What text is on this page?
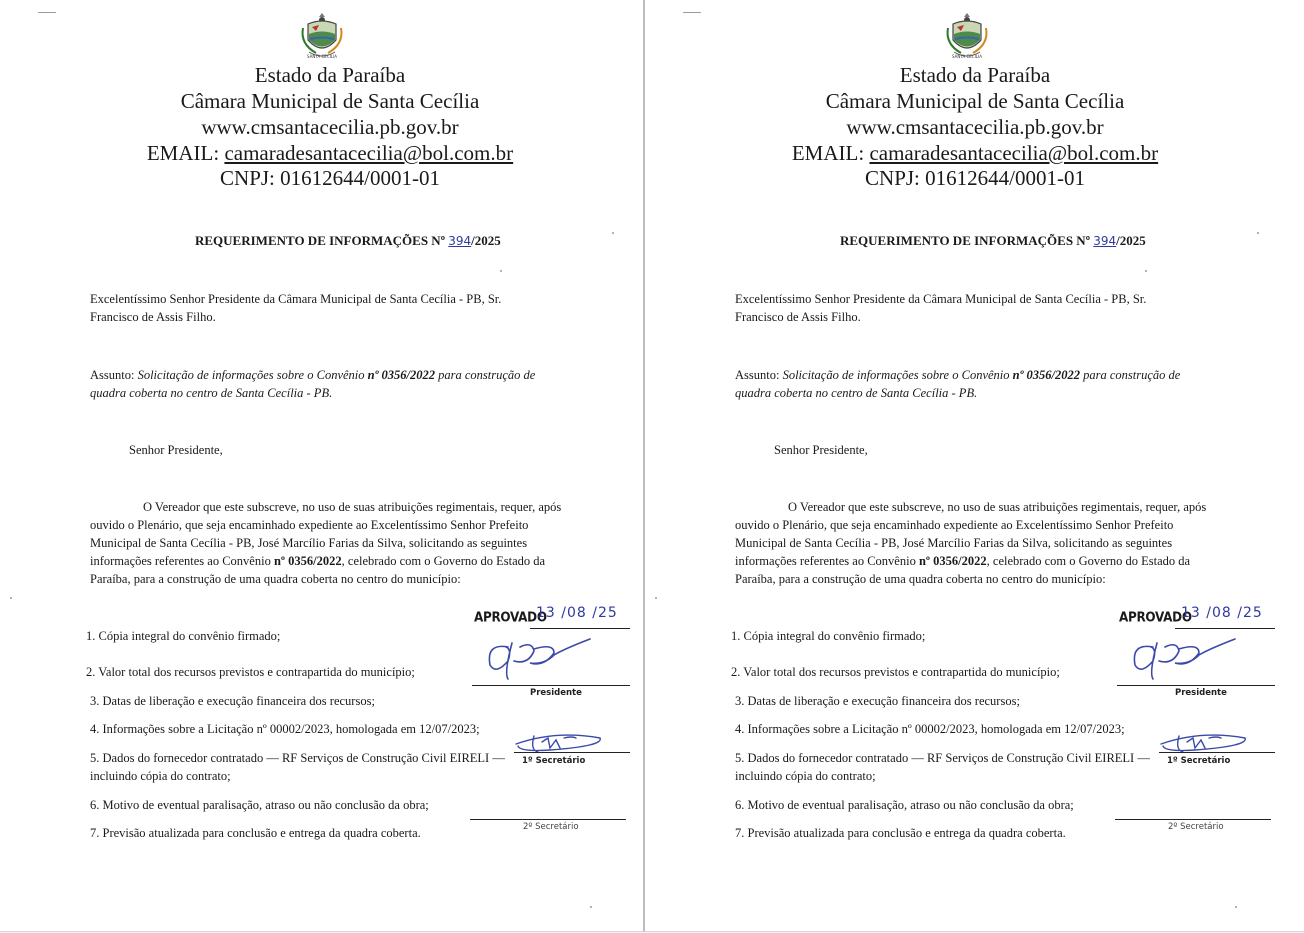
SANTA CECÍLIA
Estado da Paraíba
Câmara Municipal de Santa Cecília
www.cmsantacecilia.pb.gov.br
EMAIL: camaradesantacecilia@bol.com.br
CNPJ: 01612644/0001-01
REQUERIMENTO DE INFORMAÇÕES Nº 394/2025
Excelentíssimo Senhor Presidente da Câmara Municipal de Santa Cecília - PB, Sr.
Francisco de Assis Filho.
Assunto: Solicitação de informações sobre o Convênio nº 0356/2022 para construção de
quadra coberta no centro de Santa Cecília - PB.
Senhor Presidente,
O Vereador que este subscreve, no uso de suas atribuições regimentais, requer, após
ouvido o Plenário, que seja encaminhado expediente ao Excelentíssimo Senhor Prefeito
Municipal de Santa Cecília - PB, José Marcílio Farias da Silva, solicitando as seguintes
informações referentes ao Convênio nº 0356/2022, celebrado com o Governo do Estado da
Paraíba, para a construção de uma quadra coberta no centro do município:
1. Cópia integral do convênio firmado;
2. Valor total dos recursos previstos e contrapartida do município;
3. Datas de liberação e execução financeira dos recursos;
4. Informações sobre a Licitação nº 00002/2023, homologada em 12/07/2023;
5. Dados do fornecedor contratado — RF Serviços de Construção Civil EIRELI —
incluindo cópia do contrato;
6. Motivo de eventual paralisação, atraso ou não conclusão da obra;
7. Previsão atualizada para conclusão e entrega da quadra coberta.
APROVADO
13 /08 /25
Presidente
1º Secretário
2º Secretário
SANTA CECÍLIA
Estado da Paraíba
Câmara Municipal de Santa Cecília
www.cmsantacecilia.pb.gov.br
EMAIL: camaradesantacecilia@bol.com.br
CNPJ: 01612644/0001-01
REQUERIMENTO DE INFORMAÇÕES Nº 394/2025
Excelentíssimo Senhor Presidente da Câmara Municipal de Santa Cecília - PB, Sr.
Francisco de Assis Filho.
Assunto: Solicitação de informações sobre o Convênio nº 0356/2022 para construção de
quadra coberta no centro de Santa Cecília - PB.
Senhor Presidente,
O Vereador que este subscreve, no uso de suas atribuições regimentais, requer, após
ouvido o Plenário, que seja encaminhado expediente ao Excelentíssimo Senhor Prefeito
Municipal de Santa Cecília - PB, José Marcílio Farias da Silva, solicitando as seguintes
informações referentes ao Convênio nº 0356/2022, celebrado com o Governo do Estado da
Paraíba, para a construção de uma quadra coberta no centro do município:
1. Cópia integral do convênio firmado;
2. Valor total dos recursos previstos e contrapartida do município;
3. Datas de liberação e execução financeira dos recursos;
4. Informações sobre a Licitação nº 00002/2023, homologada em 12/07/2023;
5. Dados do fornecedor contratado — RF Serviços de Construção Civil EIRELI —
incluindo cópia do contrato;
6. Motivo de eventual paralisação, atraso ou não conclusão da obra;
7. Previsão atualizada para conclusão e entrega da quadra coberta.
APROVADO
13 /08 /25
Presidente
1º Secretário
2º Secretário
